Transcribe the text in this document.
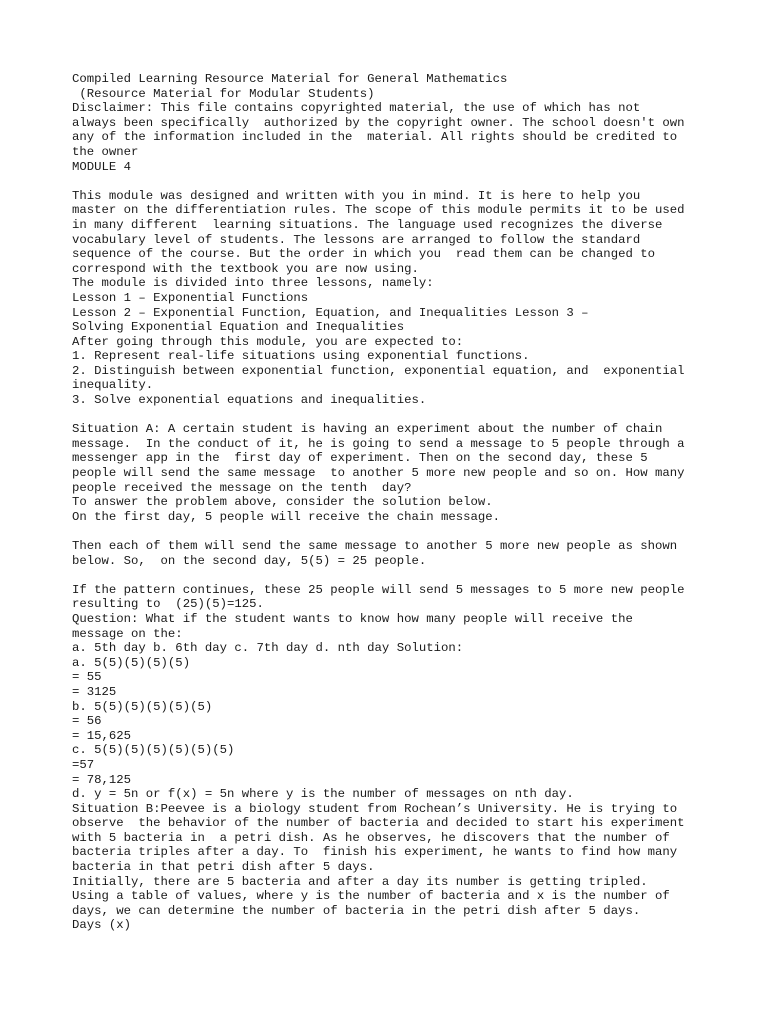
Compiled Learning Resource Material for General Mathematics
(Resource Material for Modular Students)
Disclaimer: This file contains copyrighted material, the use of which has not
always been specifically  authorized by the copyright owner. The school doesn't own
any of the information included in the  material. All rights should be credited to
the owner
MODULE 4
This module was designed and written with you in mind. It is here to help you
master on the differentiation rules. The scope of this module permits it to be used
in many different  learning situations. The language used recognizes the diverse
vocabulary level of students. The lessons are arranged to follow the standard
sequence of the course. But the order in which you  read them can be changed to
correspond with the textbook you are now using.
The module is divided into three lessons, namely:
Lesson 1 – Exponential Functions
Lesson 2 – Exponential Function, Equation, and Inequalities Lesson 3 –
Solving Exponential Equation and Inequalities
After going through this module, you are expected to:
1. Represent real-life situations using exponential functions.
2. Distinguish between exponential function, exponential equation, and  exponential
inequality.
3. Solve exponential equations and inequalities.
Situation A: A certain student is having an experiment about the number of chain
message.  In the conduct of it, he is going to send a message to 5 people through a
messenger app in the  first day of experiment. Then on the second day, these 5
people will send the same message  to another 5 more new people and so on. How many
people received the message on the tenth  day?
To answer the problem above, consider the solution below.
On the first day, 5 people will receive the chain message.
Then each of them will send the same message to another 5 more new people as shown
below. So,  on the second day, 5(5) = 25 people.
If the pattern continues, these 25 people will send 5 messages to 5 more new people
resulting to  (25)(5)=125.
Question: What if the student wants to know how many people will receive the
message on the:
a. 5th day b. 6th day c. 7th day d. nth day Solution:
a. 5(5)(5)(5)(5)
= 55
= 3125
b. 5(5)(5)(5)(5)(5)
= 56
= 15,625
c. 5(5)(5)(5)(5)(5)(5)
=57
= 78,125
d. y = 5n or f(x) = 5n where y is the number of messages on nth day.
Situation B:Peevee is a biology student from Rochean’s University. He is trying to
observe  the behavior of the number of bacteria and decided to start his experiment
with 5 bacteria in  a petri dish. As he observes, he discovers that the number of
bacteria triples after a day. To  finish his experiment, he wants to find how many
bacteria in that petri dish after 5 days.
Initially, there are 5 bacteria and after a day its number is getting tripled.
Using a table of values, where y is the number of bacteria and x is the number of
days, we can determine the number of bacteria in the petri dish after 5 days.
Days (x)
